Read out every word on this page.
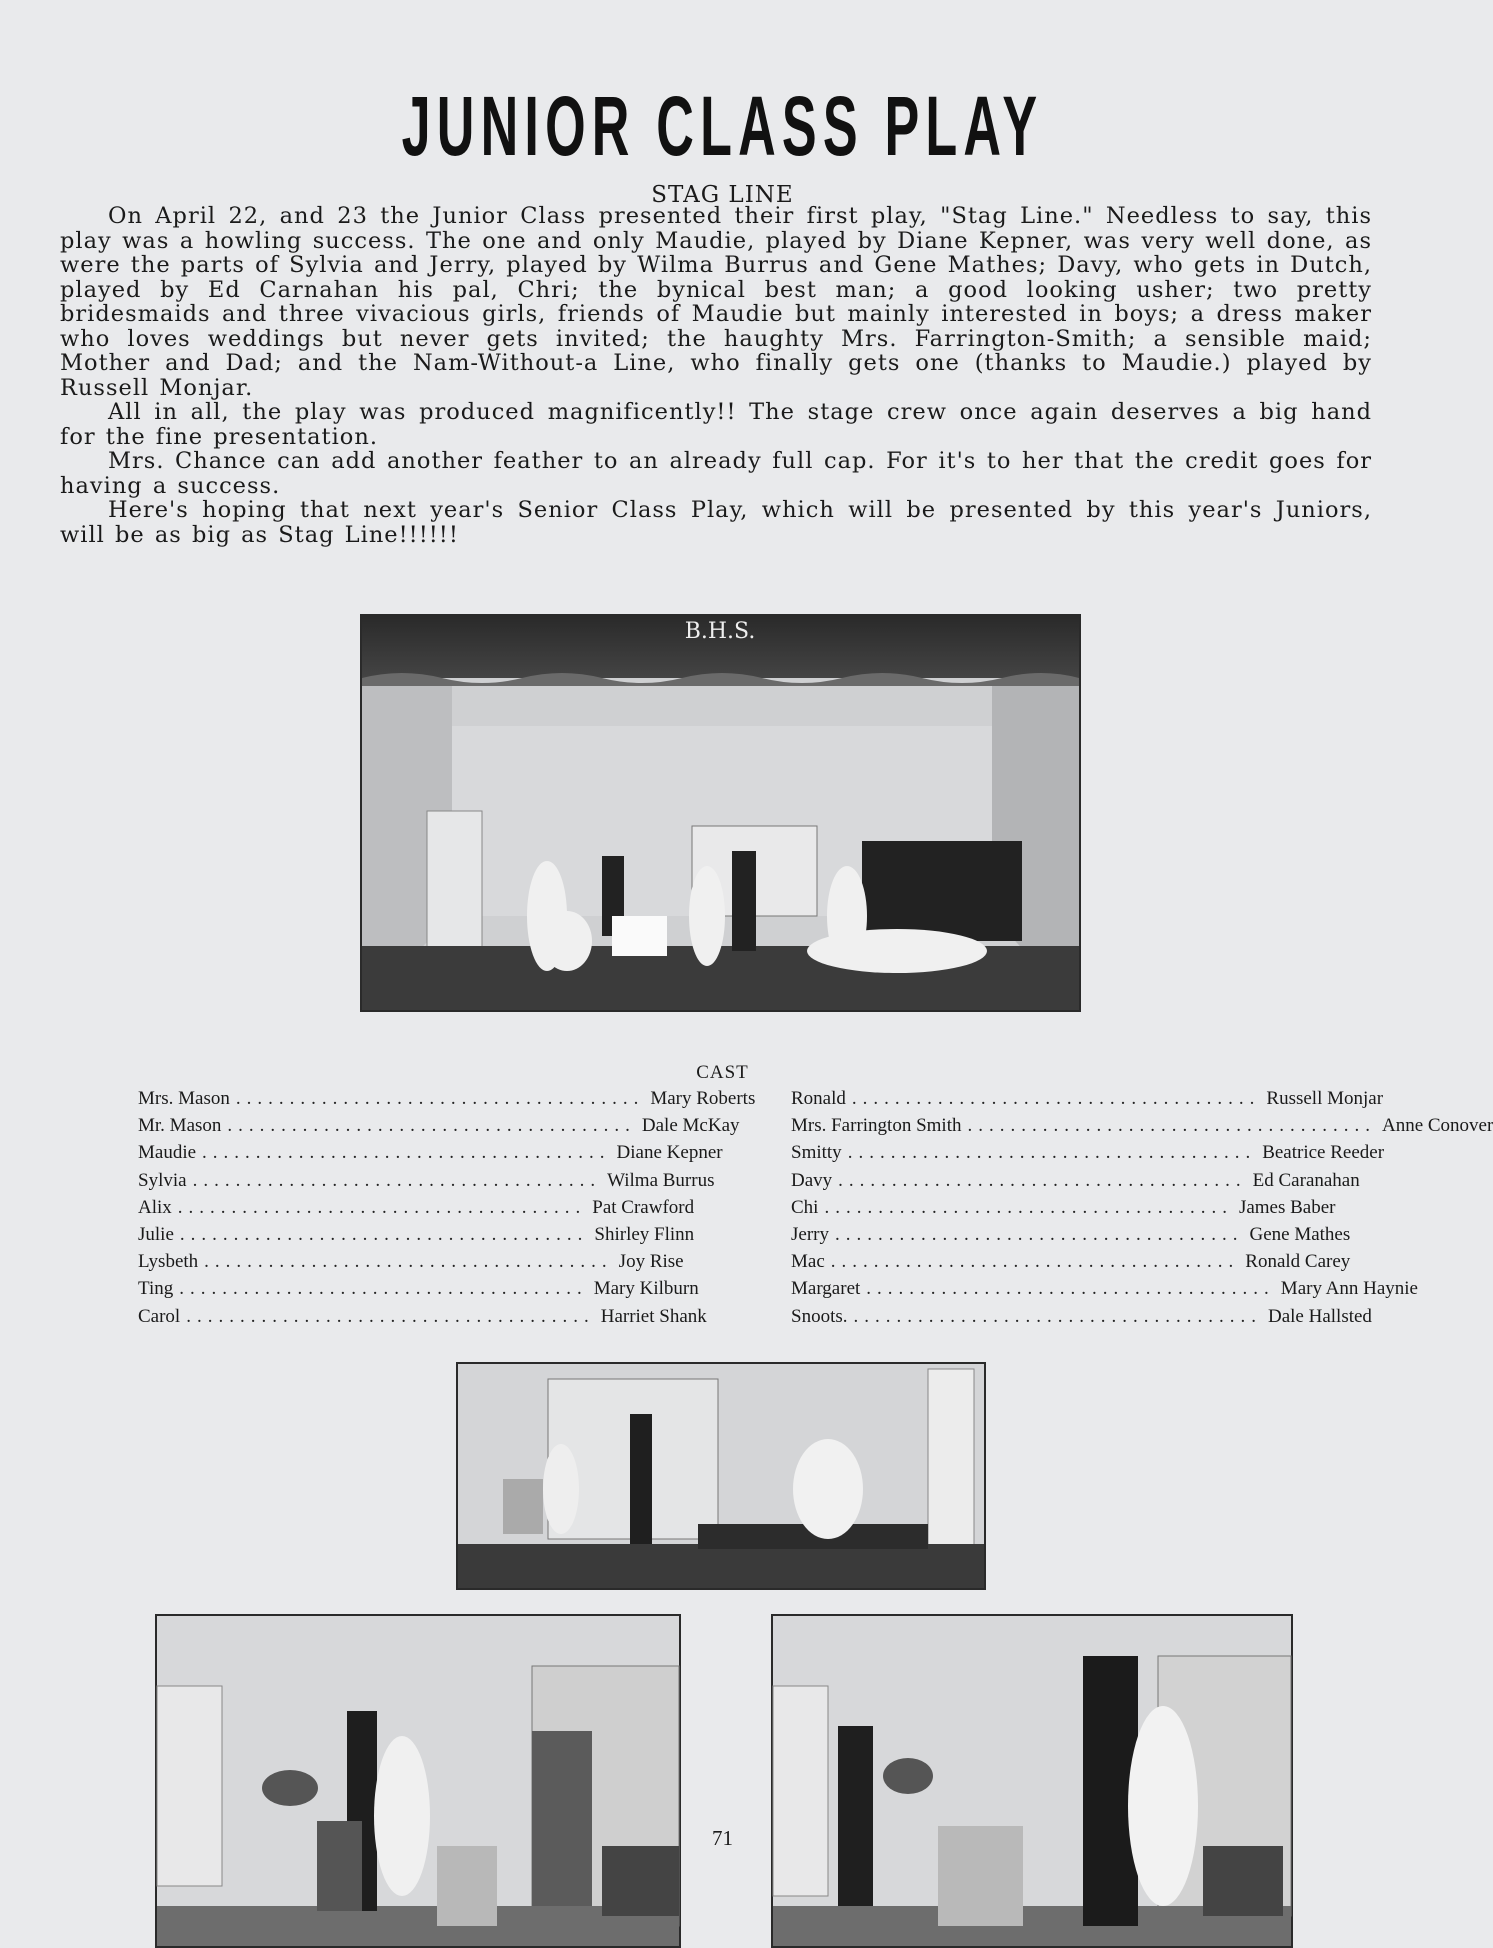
JUNIOR CLASS PLAY
STAG LINE

On April 22, and 23 the Junior Class presented their first play, "Stag Line." Needless to say, this play was a howling success. The one and only Maudie, played by Diane Kepner, was very well done, as were the parts of Sylvia and Jerry, played by Wilma Burrus and Gene Mathes; Davy, who gets in Dutch, played by Ed Carnahan his pal, Chri; the bynical best man; a good looking usher; two pretty bridesmaids and three vivacious girls, friends of Maudie but mainly interested in boys; a dress maker who loves weddings but never gets invited; the haughty Mrs. Farrington-Smith; a sensible maid; Mother and Dad; and the Nam-Without-a Line, who finally gets one (thanks to Maudie.) played by Russell Monjar.

All in all, the play was produced magnificently!! The stage crew once again deserves a big hand for the fine presentation.

Mrs. Chance can add another feather to an already full cap. For it's to her that the credit goes for having a success.

Here's hoping that next year's Senior Class Play, which will be presented by this year's Juniors, will be as big as Stag Line!!!!!!

B.H.S.
CAST
Mrs. Mason ...................................... Mary Roberts
Mr. Mason ...................................... Dale McKay
Maudie ...................................... Diane Kepner
Sylvia ...................................... Wilma Burrus
Alix ...................................... Pat Crawford
Julie ...................................... Shirley Flinn
Lysbeth ...................................... Joy Rise
Ting ...................................... Mary Kilburn
Carol ...................................... Harriet Shank
Ronald ...................................... Russell Monjar
Mrs. Farrington Smith ...................................... Anne Conover
Smitty ...................................... Beatrice Reeder
Davy ...................................... Ed Caranahan
Chi ...................................... James Baber
Jerry ...................................... Gene Mathes
Mac ...................................... Ronald Carey
Margaret ...................................... Mary Ann Haynie
Snoots. ...................................... Dale Hallsted
71
